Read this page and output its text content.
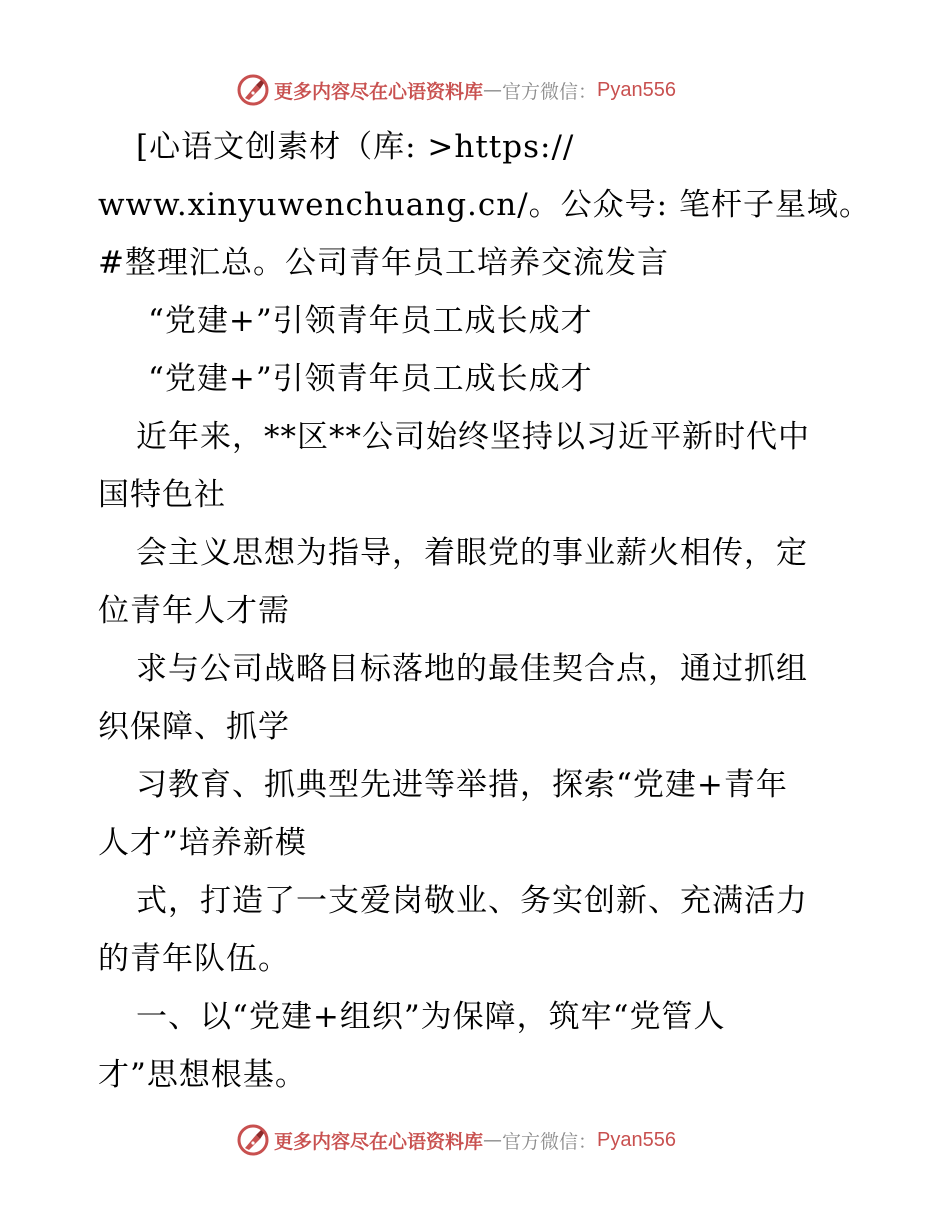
更多内容尽在心语资料库 — 官方微信： Pyan556
[心语文创素材（库: >https://
www.xinyuwenchuang.cn/。公众号: 笔杆子星域。
#整理汇总。公司青年员工培养交流发言
“党建+”引领青年员工成长成才
“党建+”引领青年员工成长成才
近年来，**区**公司始终坚持以习近平新时代中
国特色社
会主义思想为指导，着眼党的事业薪火相传，定
位青年人才需
求与公司战略目标落地的最佳契合点，通过抓组
织保障、抓学
习教育、抓典型先进等举措，探索“党建+青年
人才”培养新模
式，打造了一支爱岗敬业、务实创新、充满活力
的青年队伍。
一、以“党建+组织”为保障，筑牢“党管人
才”思想根基。
更多内容尽在心语资料库 — 官方微信： Pyan556
